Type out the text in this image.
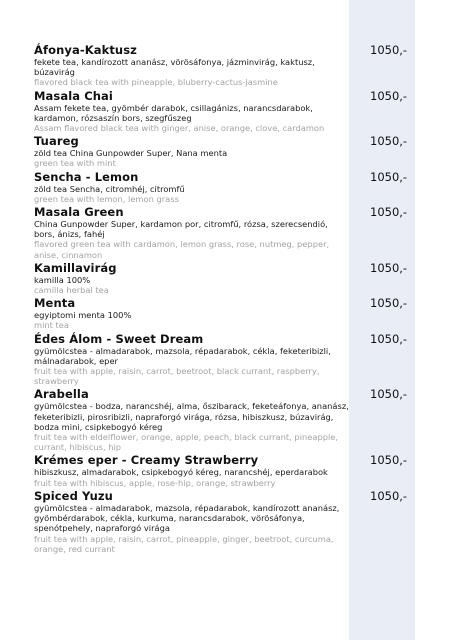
Áfonya-Kaktusz
fekete tea, kandírozott ananász, vörösáfonya, jázminvirág, kaktusz, búzavirág
flavored black tea with pineapple, bluberry-cactus-jasmine
1050,-
Masala Chai
Assam fekete tea, gyömbér darabok, csillagánizs, narancsdarabok, kardamon, rózsaszín bors, szegfűszeg
Assam flavored black tea with ginger, anise, orange, clove, cardamon
1050,-
Tuareg
zöld tea China Gunpowder Super, Nana menta
green tea with mint
1050,-
Sencha - Lemon
zöld tea Sencha, citromhéj, citromfű
green tea with lemon, lemon grass
1050,-
Masala Green
China Gunpowder Super, kardamon por, citromfű, rózsa, szerecsendió, bors, ánizs, fahéj
flavored green tea with cardamon, lemon grass, rose, nutmeg, pepper, anise, cinnamon
1050,-
Kamillavirág
kamilla 100%
camilla herbal tea
1050,-
Menta
egyiptomi menta 100%
mint tea
1050,-
Édes Álom - Sweet Dream
gyümölcstea - almadarabok, mazsola, répadarabok, cékla, feketeribizli, málnadarabok, eper
fruit tea with apple, raisin, carrot, beetroot, black currant, raspberry, strawberry
1050,-
Arabella
gyümölcstea - bodza, narancshéj, alma, őszibarack, feketeáfonya, ananász, feketeribizli, pirosribizli, napraforgó virága, rózsa, hibiszkusz, búzavirág, bodza mini, csipkebogyó kéreg
fruit tea with eldelflower, orange, apple, peach, black currant, pineapple, currant, hibiscus, hip
1050,-
Krémes eper - Creamy Strawberry
hibiszkusz, almadarabok, csipkebogyó kéreg, narancshéj, eperdarabok
fruit tea with hibiscus, apple, rose-hip, orange, strawberry
1050,-
Spiced Yuzu
gyümölcstea - almadarabok, mazsola, répadarabok, kandírozott ananász, gyömbérdarabok, cékla, kurkuma, narancsdarabok, vörösáfonya, spenótpehely, napraforgó virága
fruit tea with apple, raisin, carrot, pineapple, ginger, beetroot, curcuma, orange, red currant
1050,-
